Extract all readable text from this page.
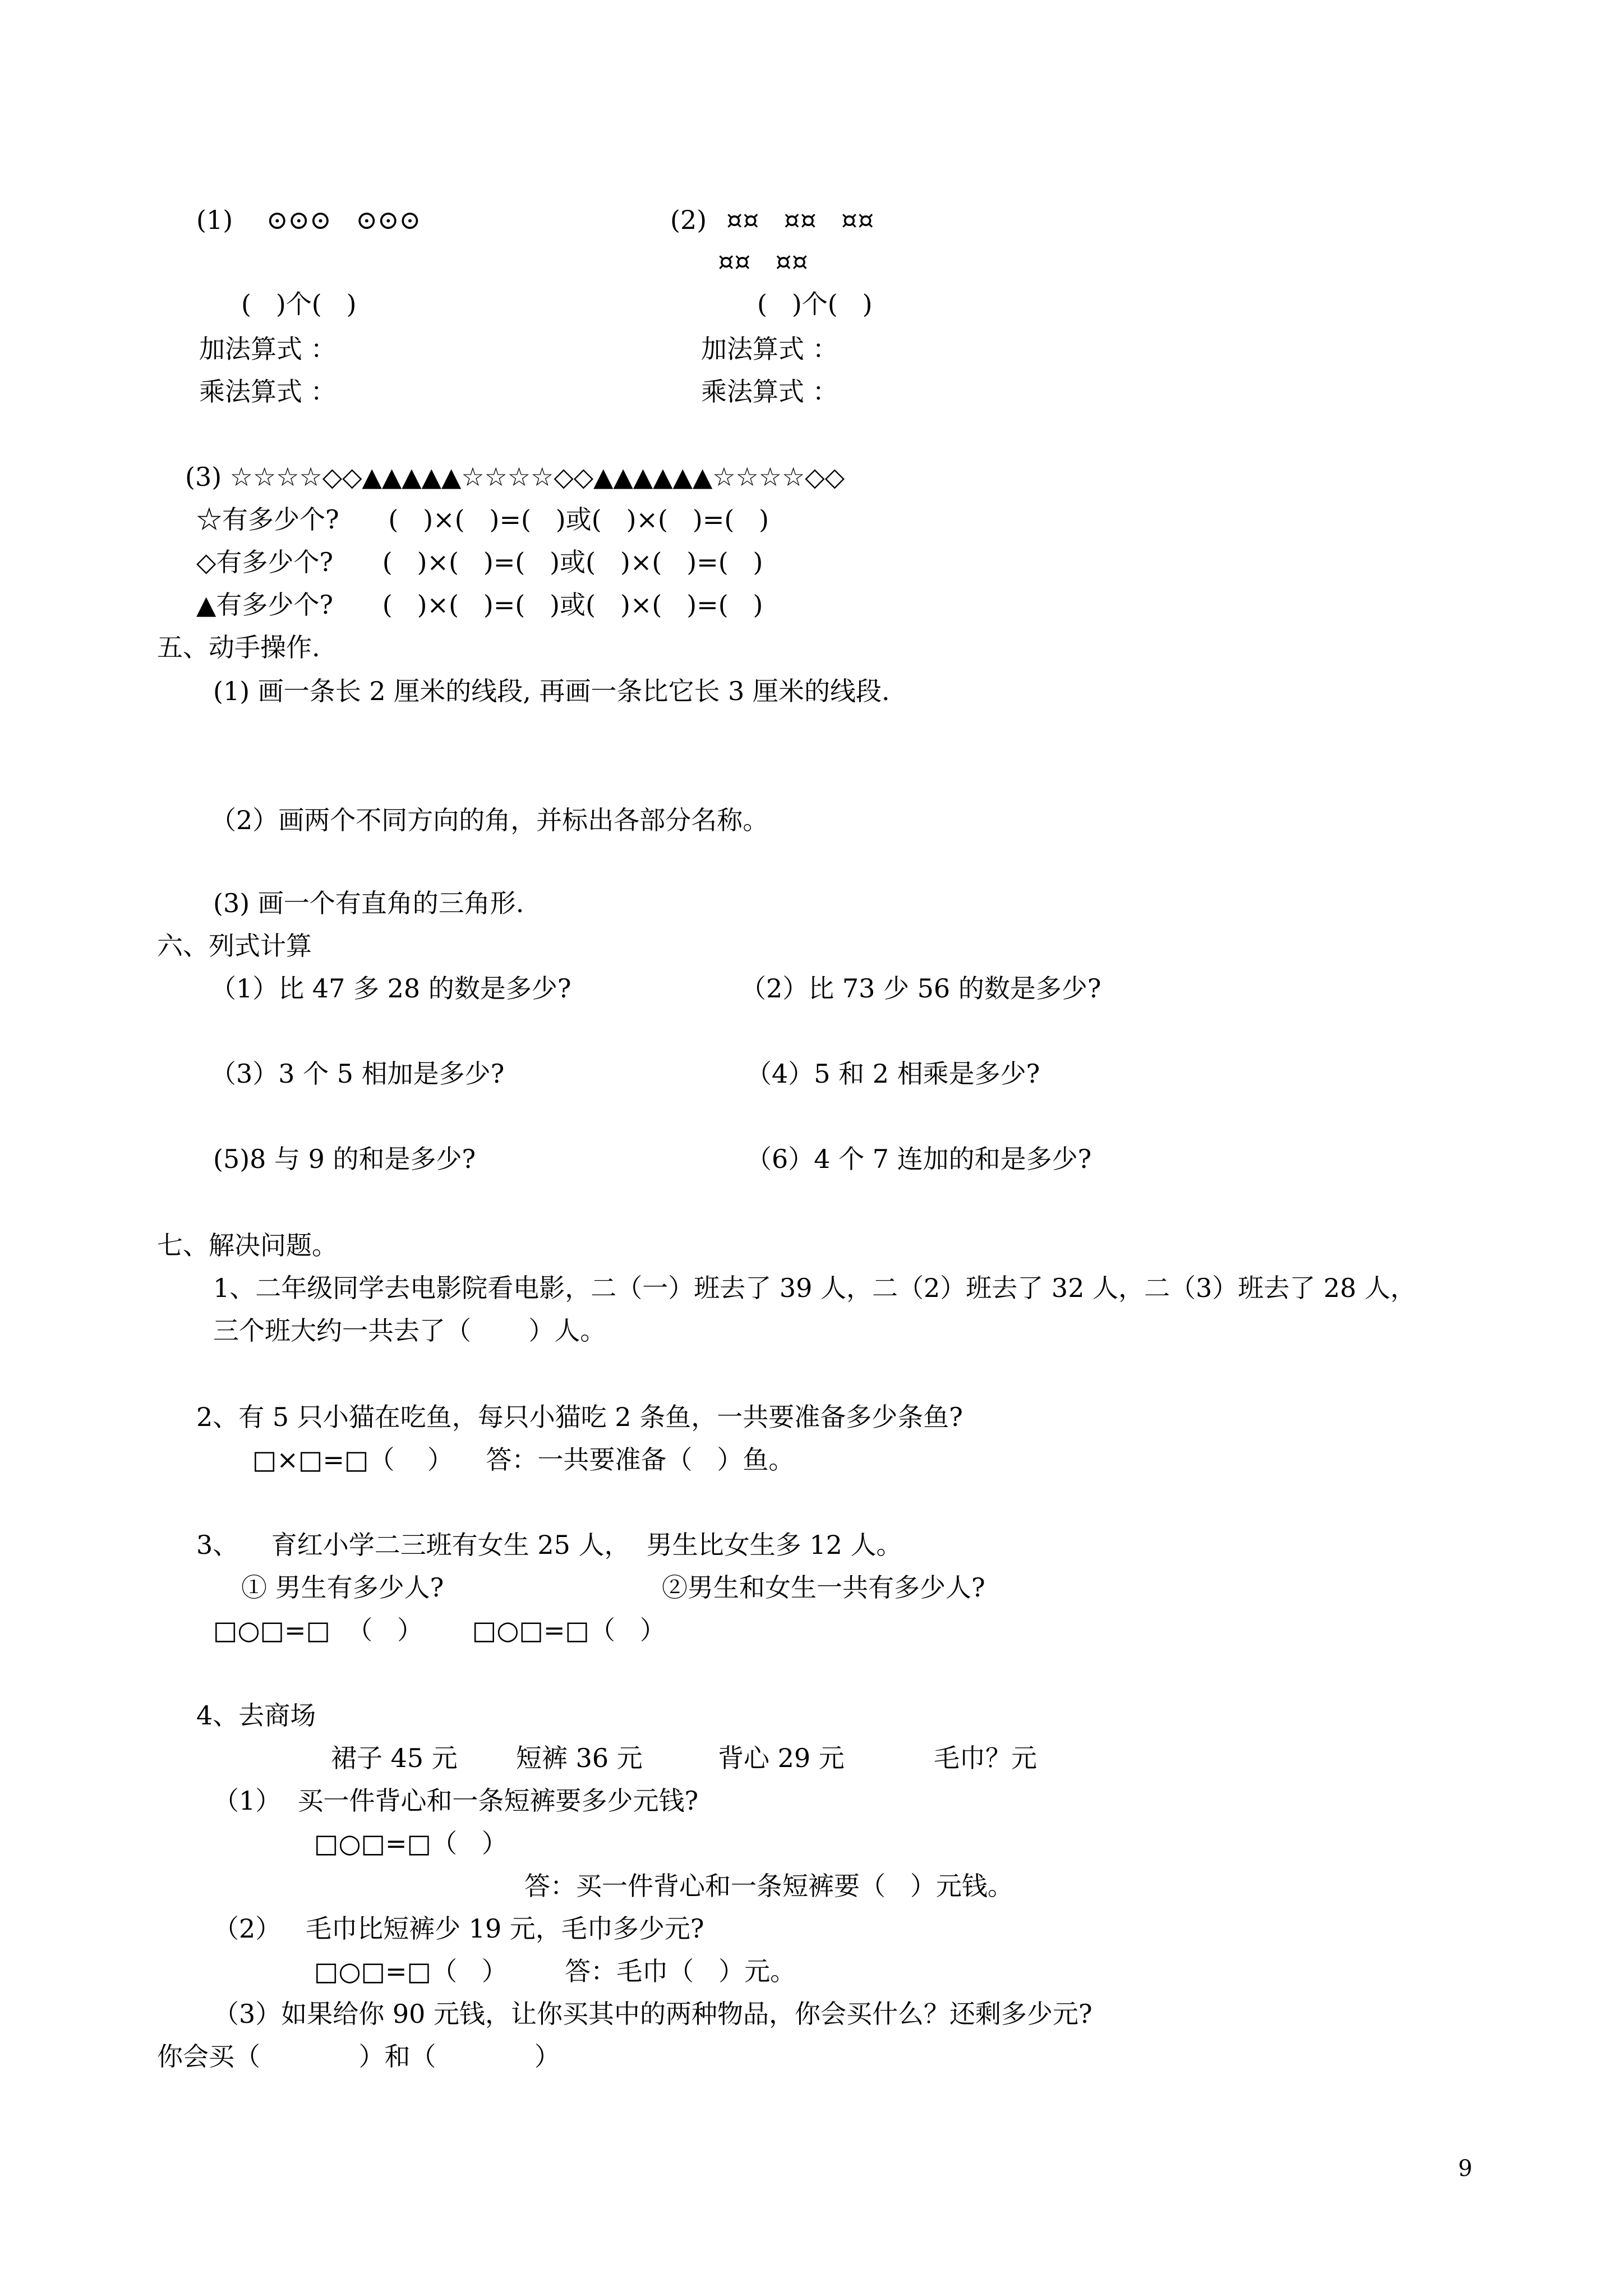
(1) ⊙⊙⊙   ⊙⊙⊙	(2) ¤¤   ¤¤   ¤¤
¤¤   ¤¤
(   )个(   )	(   )个(   )
加法算式 ：	加法算式 ：
乘法算式 ：	乘法算式 ：
(3) ☆☆☆☆◇◇▲▲▲▲▲☆☆☆☆◇◇▲▲▲▲▲▲☆☆☆☆◇◇
☆有多少个?      (   )×(   )=(   )或(   )×(   )=(   )
◇有多少个?      (   )×(   )=(   )或(   )×(   )=(   )
▲有多少个?      (   )×(   )=(   )或(   )×(   )=(   )
五、动手操作.
(1) 画一条长 2 厘米的线段, 再画一条比它长 3 厘米的线段.
（2）画两个不同方向的角，并标出各部分名称。
(3) 画一个有直角的三角形.
六、列式计算
（1）比 47 多 28 的数是多少?	（2）比 73 少 56 的数是多少?
（3）3 个 5 相加是多少?	（4）5 和 2 相乘是多少?
(5)8 与 9 的和是多少?	（6）4 个 7 连加的和是多少?
七、解决问题。
1、二年级同学去电影院看电影，二（一）班去了 39 人，二（2）班去了 32 人，二（3）班去了 28 人，
三个班大约一共去了（       ）人。
2、有 5 只小猫在吃鱼，每只小猫吃 2 条鱼，一共要准备多少条鱼?
□×□=□（    ）    答：一共要准备（   ）鱼。
3、    育红小学二三班有女生 25 人，  男生比女生多 12 人。
① 男生有多少人?	②男生和女生一共有多少人?
□○□=□  （   ）      □○□=□（   ）
4、去商场
裙子 45 元 短裤 36 元	背心 29 元	毛巾？元
（1）  买一件背心和一条短裤要多少元钱?
□○□=□（   ）
答：买一件背心和一条短裤要（   ）元钱。
（2）   毛巾比短裤少 19 元，毛巾多少元?
□○□=□（   ）       答：毛巾（   ）元。
（3）如果给你 90 元钱，让你买其中的两种物品，你会买什么？还剩多少元?
你会买（            ）和（            ）
9
